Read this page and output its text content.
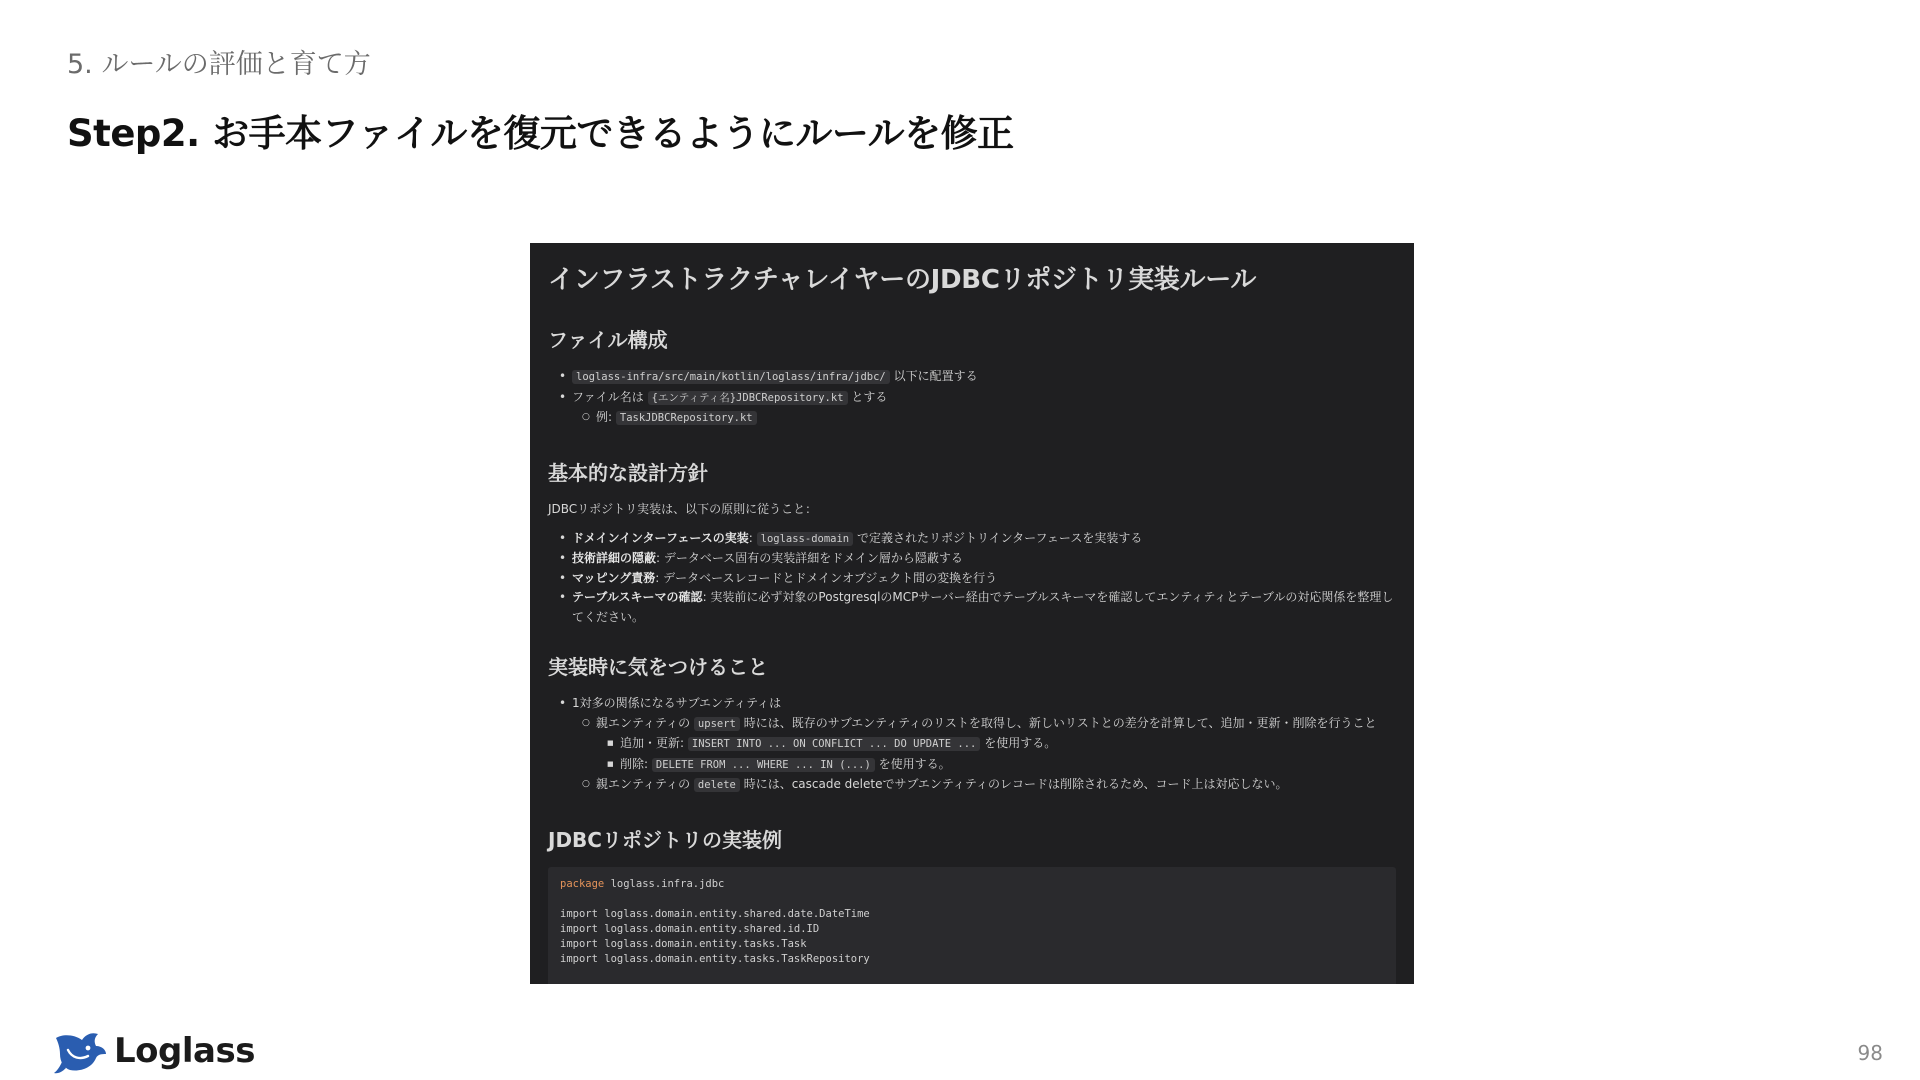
5. ルールの評価と育て方
Step2. お手本ファイルを復元できるようにルールを修正
インフラストラクチャレイヤーのJDBCリポジトリ実装ルール
ファイル構成
• loglass-infra/src/main/kotlin/loglass/infra/jdbc/ 以下に配置する
• ファイル名は {エンティティ名}JDBCRepository.kt とする
○ 例: TaskJDBCRepository.kt
基本的な設計方針

JDBCリポジトリ実装は、以下の原則に従うこと：

• ドメインインターフェースの実装: loglass-domain で定義されたリポジトリインターフェースを実装する
• 技術詳細の隠蔽: データベース固有の実装詳細をドメイン層から隠蔽する
• マッピング責務: データベースレコードとドメインオブジェクト間の変換を行う
• テーブルスキーマの確認: 実装前に必ず対象のPostgresqlのMCPサーバー経由でテーブルスキーマを確認してエンティティとテーブルの対応関係を整理してください。
実装時に気をつけること
• 1対多の関係になるサブエンティティは
○ 親エンティティの upsert 時には、既存のサブエンティティのリストを取得し、新しいリストとの差分を計算して、追加・更新・削除を行うこと
■ 追加・更新: INSERT INTO ... ON CONFLICT ... DO UPDATE ... を使用する。
■ 削除: DELETE FROM ... WHERE ... IN (...) を使用する。
○ 親エンティティの delete 時には、cascade deleteでサブエンティティのレコードは削除されるため、コード上は対応しない。
JDBCリポジトリの実装例
package loglass.infra.jdbc

import loglass.domain.entity.shared.date.DateTime
import loglass.domain.entity.shared.id.ID
import loglass.domain.entity.tasks.Task
import loglass.domain.entity.tasks.TaskRepository
Loglass	98
